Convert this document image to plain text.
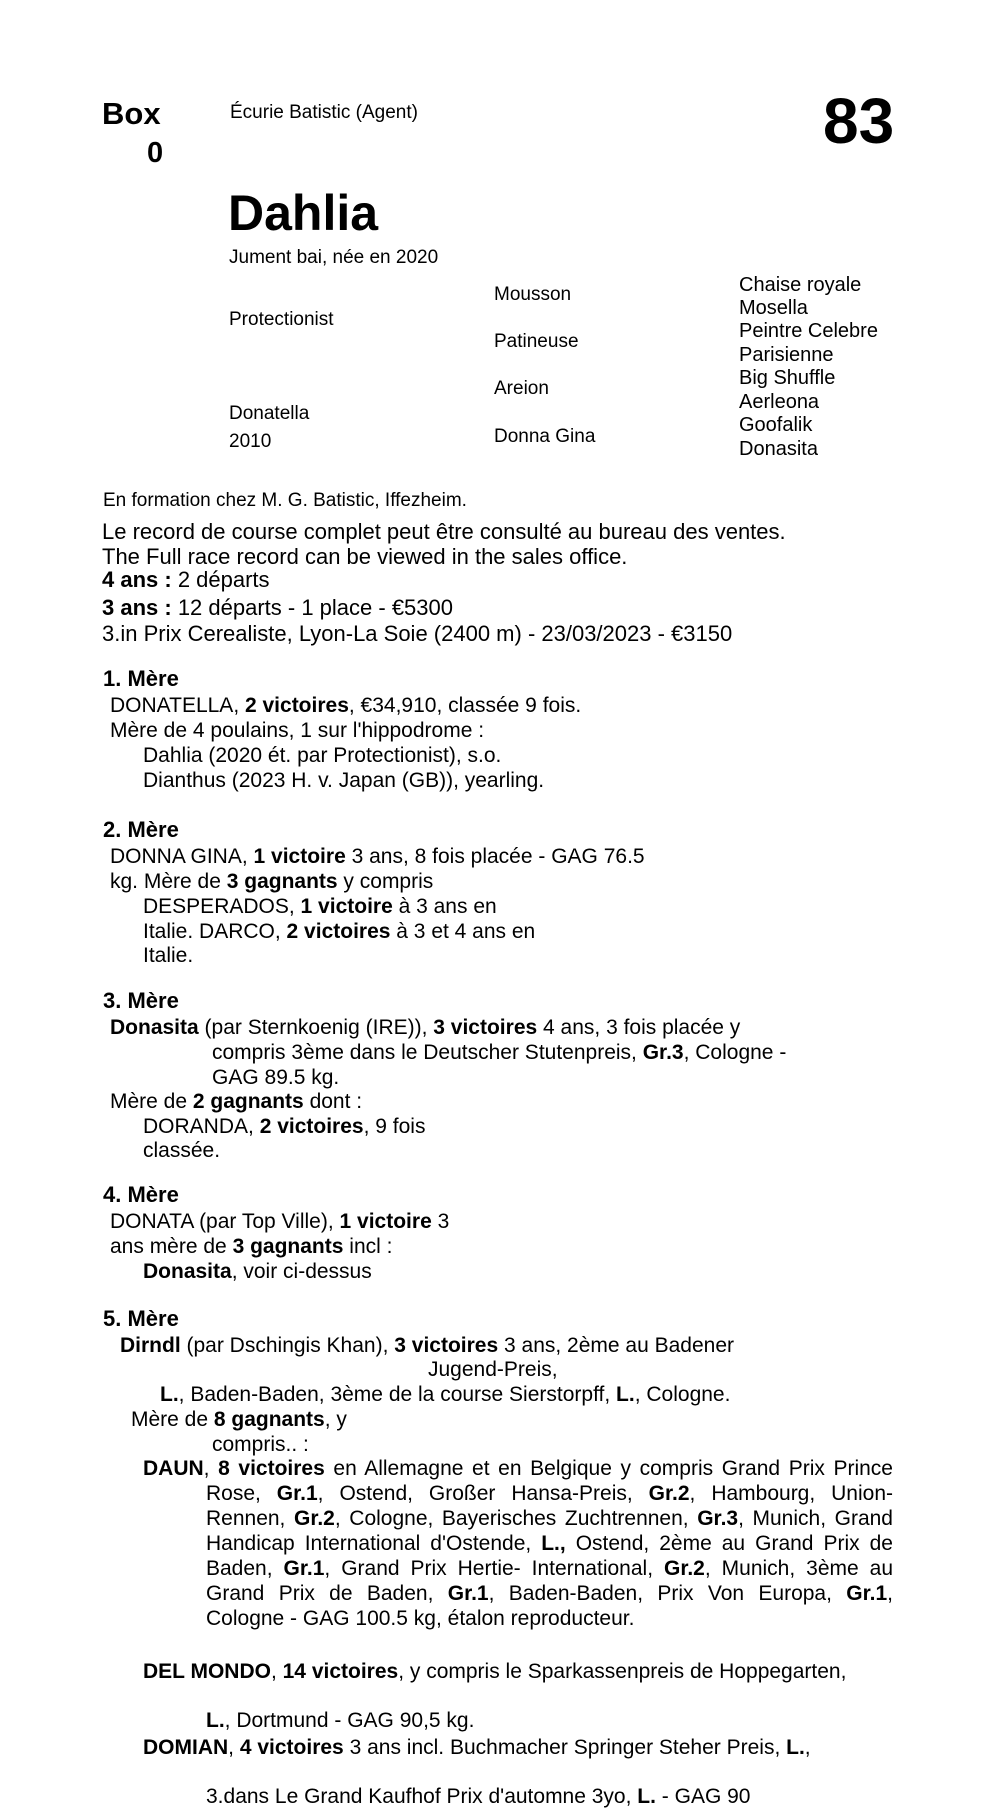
Box
0
Écurie Batistic (Agent)	83
Dahlia
Jument bai, née en 2020
Protectionist
Donatella
2010
Mousson
Patineuse
Areion
Donna Gina
Chaise royale
Mosella
Peintre Celebre
Parisienne
Big Shuffle
Aerleona
Goofalik
Donasita
En formation chez M. G. Batistic, Iffezheim.
Le record de course complet peut être consulté au bureau des ventes.
The Full race record can be viewed in the sales office.
4 ans : 2 départs
3 ans : 12 départs - 1 place - €5300
3.in Prix Cerealiste, Lyon-La Soie (2400 m) - 23/03/2023 - €3150
1. Mère
DONATELLA, 2 victoires, €34,910, classée 9 fois.
Mère de 4 poulains, 1 sur l'hippodrome :
Dahlia (2020 ét. par Protectionist), s.o.
Dianthus (2023 H. v. Japan (GB)), yearling.
2. Mère
DONNA GINA, 1 victoire 3 ans, 8 fois placée - GAG 76.5
kg. Mère de 3 gagnants y compris
DESPERADOS, 1 victoire à 3 ans en
Italie. DARCO, 2 victoires à 3 et 4 ans en
Italie.
3. Mère
Donasita (par Sternkoenig (IRE)), 3 victoires 4 ans, 3 fois placée y
compris 3ème dans le Deutscher Stutenpreis, Gr.3, Cologne -
GAG 89.5 kg.
Mère de 2 gagnants dont :
DORANDA, 2 victoires, 9 fois
classée.
4. Mère
DONATA (par Top Ville), 1 victoire 3
ans mère de 3 gagnants incl :
Donasita, voir ci-dessus
5. Mère
Dirndl (par Dschingis Khan), 3 victoires 3 ans, 2ème au Badener
Jugend-Preis,
L., Baden-Baden, 3ème de la course Sierstorpff, L., Cologne.
Mère de 8 gagnants, y
compris.. :
DAUN, 8 victoires en Allemagne et en Belgique y compris Grand Prix Prince Rose, Gr.1, Ostend, Großer Hansa-Preis, Gr.2, Hambourg, Union-Rennen, Gr.2, Cologne, Bayerisches Zuchtrennen, Gr.3, Munich, Grand Handicap International d'Ostende, L., Ostend, 2ème au Grand Prix de Baden, Gr.1, Grand Prix Hertie- International, Gr.2, Munich, 3ème au Grand Prix de Baden, Gr.1, Baden-Baden, Prix Von Europa, Gr.1, Cologne - GAG 100.5 kg, étalon reproducteur.
DEL MONDO, 14 victoires, y compris le Sparkassenpreis de Hoppegarten,
L., Dortmund - GAG 90,5 kg.
DOMIAN, 4 victoires 3 ans incl. Buchmacher Springer Steher Preis, L.,
3.dans Le Grand Kaufhof Prix d'automne 3yo, L. - GAG 90
